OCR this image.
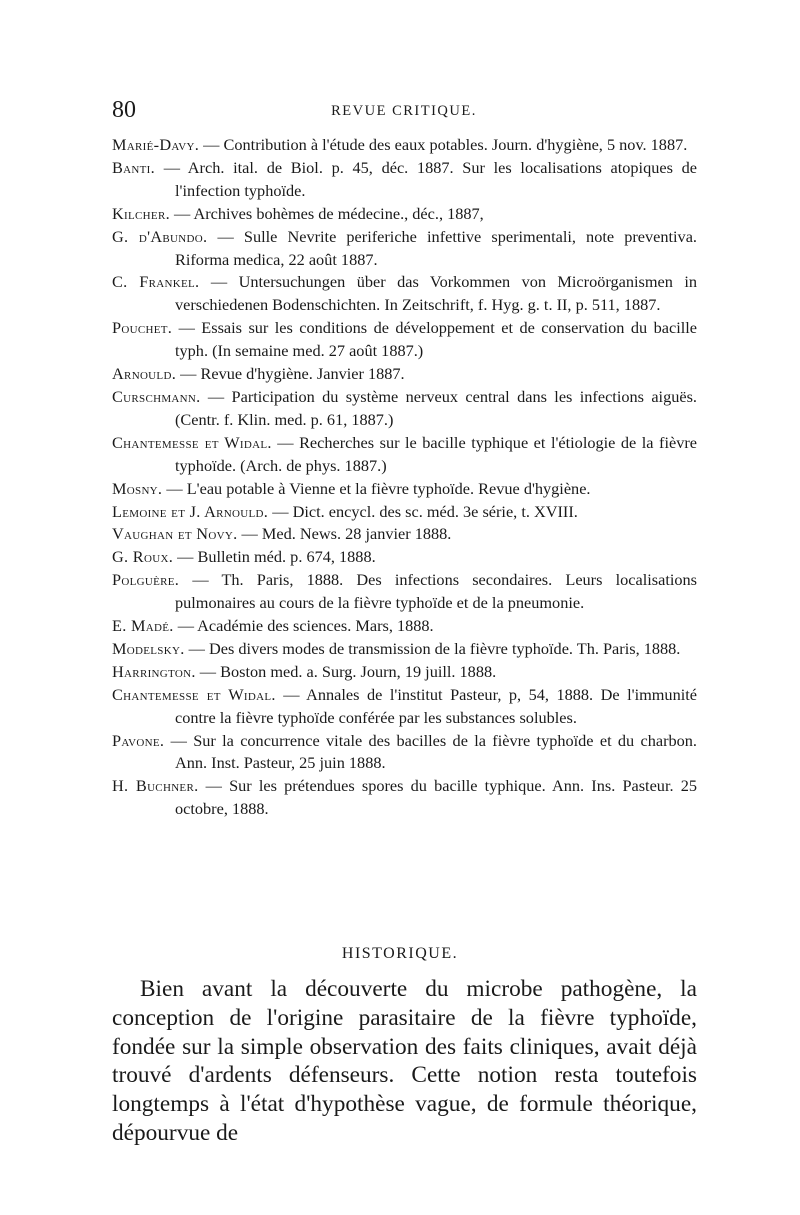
80	REVUE CRITIQUE.

Marié-Davy. — Contribution à l'étude des eaux potables. Journ. d'hygiène, 5 nov. 1887.

Banti. — Arch. ital. de Biol. p. 45, déc. 1887. Sur les localisations atopiques de l'infection typhoïde.

Kilcher. — Archives bohèmes de médecine., déc., 1887,

G. d'Abundo. — Sulle Nevrite periferiche infettive sperimentali, note preventiva. Riforma medica, 22 août 1887.

C. Frankel. — Untersuchungen über das Vorkommen von Microörganismen in verschiedenen Bodenschichten. In Zeitschrift, f. Hyg. g. t. II, p. 511, 1887.

Pouchet. — Essais sur les conditions de développement et de conservation du bacille typh. (In semaine med. 27 août 1887.)

Arnould. — Revue d'hygiène. Janvier 1887.

Curschmann. — Participation du système nerveux central dans les infections aiguës. (Centr. f. Klin. med. p. 61, 1887.)

Chantemesse et Widal. — Recherches sur le bacille typhique et l'étiologie de la fièvre typhoïde. (Arch. de phys. 1887.)

Mosny. — L'eau potable à Vienne et la fièvre typhoïde. Revue d'hygiène.

Lemoine et J. Arnould. — Dict. encycl. des sc. méd. 3e série, t. XVIII.

Vaughan et Novy. — Med. News. 28 janvier 1888.

G. Roux. — Bulletin méd. p. 674, 1888.

Polguère. — Th. Paris, 1888. Des infections secondaires. Leurs localisations pulmonaires au cours de la fièvre typhoïde et de la pneumonie.

E. Madé. — Académie des sciences. Mars, 1888.

Modelsky. — Des divers modes de transmission de la fièvre typhoïde. Th. Paris, 1888.

Harrington. — Boston med. a. Surg. Journ, 19 juill. 1888.

Chantemesse et Widal. — Annales de l'institut Pasteur, p, 54, 1888. De l'immunité contre la fièvre typhoïde conférée par les substances solubles.

Pavone. — Sur la concurrence vitale des bacilles de la fièvre typhoïde et du charbon. Ann. Inst. Pasteur, 25 juin 1888.

H. Buchner. — Sur les prétendues spores du bacille typhique. Ann. Ins. Pasteur. 25 octobre, 1888.

HISTORIQUE.

Bien avant la découverte du microbe pathogène, la conception de l'origine parasitaire de la fièvre typhoïde, fondée sur la simple observation des faits cliniques, avait déjà trouvé d'ardents défenseurs. Cette notion resta toutefois longtemps à l'état d'hypothèse vague, de formule théorique, dépourvue de
